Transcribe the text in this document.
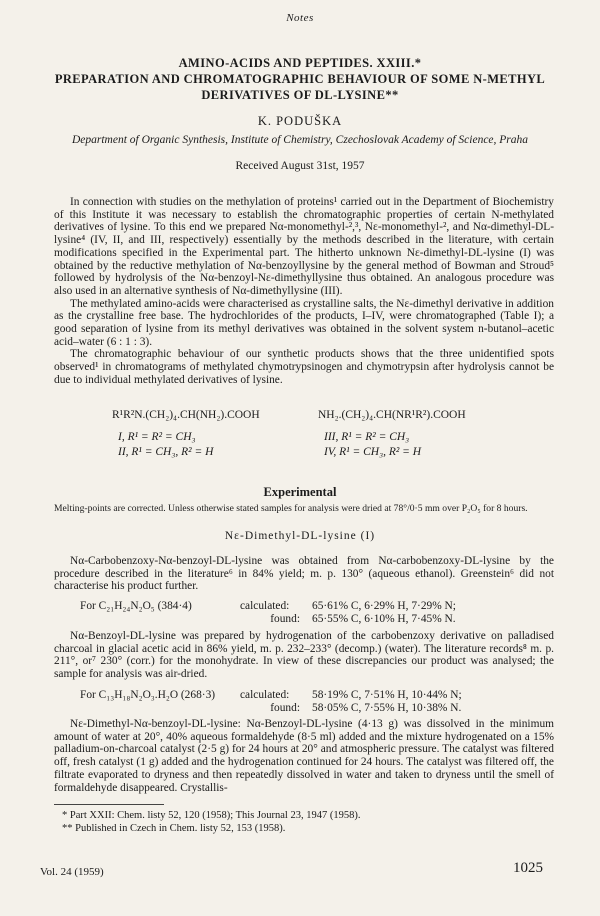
Notes
AMINO-ACIDS AND PEPTIDES. XXIII.*
PREPARATION AND CHROMATOGRAPHIC BEHAVIOUR OF SOME N-METHYL
DERIVATIVES OF DL-LYSINE**
K. PODUŠKA
Department of Organic Synthesis, Institute of Chemistry, Czechoslovak Academy of Science, Praha
Received August 31st, 1957

In connection with studies on the methylation of proteins¹ carried out in the Department of Biochemistry of this Institute it was necessary to establish the chromatographic properties of certain N-methylated derivatives of lysine. To this end we prepared Nα-monomethyl-²,³, Nε-monomethyl-², and Nα-dimethyl-DL-lysine⁴ (IV, II, and III, respectively) essentially by the methods described in the literature, with certain modifications specified in the Experimental part. The hitherto unknown Nε-dimethyl-DL-lysine (I) was obtained by the reductive methylation of Nα-benzoyllysine by the general method of Bowman and Stroud⁵ followed by hydrolysis of the Nα-benzoyl-Nε-dimethyllysine thus obtained. An analogous procedure was also used in an alternative synthesis of Nα-dimethyllysine (III).

The methylated amino-acids were characterised as crystalline salts, the Nε-dimethyl derivative in addition as the crystalline free base. The hydrochlorides of the products, I–IV, were chromatographed (Table I); a good separation of lysine from its methyl derivatives was obtained in the solvent system n-butanol–acetic acid–water (6 : 1 : 3).

The chromatographic behaviour of our synthetic products shows that the three unidentified spots observed¹ in chromatograms of methylated chymotrypsinogen and chymotrypsin after hydrolysis cannot be due to individual methylated derivatives of lysine.

R¹R²N.(CH₂)₄.CH(NH₂).COOH
I, R¹ = R² = CH₃
II, R¹ = CH₃, R² = H
NH₂.(CH₂)₄.CH(NR¹R²).COOH
III, R¹ = R² = CH₃
IV, R¹ = CH₃, R² = H
Experimental
Melting-points are corrected. Unless otherwise stated samples for analysis were dried at 78°/0·5 mm over P₂O₅ for 8 hours.
Nε-Dimethyl-DL-lysine (I)

Nα-Carbobenzoxy-Nα-benzoyl-DL-lysine was obtained from Nα-carbobenzoxy-DL-lysine by the procedure described in the literature⁶ in 84% yield; m. p. 130° (aqueous ethanol). Greenstein⁶ did not characterise his product further.

For C₂₁H₂₄N₂O₅ (384·4)	calculated:	65·61% C, 6·29% H, 7·29% N;
found:	65·55% C, 6·10% H, 7·45% N.

Nα-Benzoyl-DL-lysine was prepared by hydrogenation of the carbobenzoxy derivative on palladised charcoal in glacial acetic acid in 86% yield, m. p. 232–233° (decomp.) (water). The literature records⁸ m. p. 211°, or⁷ 230° (corr.) for the monohydrate. In view of these discrepancies our product was analysed; the sample for analysis was air-dried.

For C₁₃H₁₈N₂O₃.H₂O (268·3)	calculated:	58·19% C, 7·51% H, 10·44% N;
found:	58·05% C, 7·55% H, 10·38% N.

Nε-Dimethyl-Nα-benzoyl-DL-lysine: Nα-Benzoyl-DL-lysine (4·13 g) was dissolved in the minimum amount of water at 20°, 40% aqueous formaldehyde (8·5 ml) added and the mixture hydrogenated on a 15% palladium-on-charcoal catalyst (2·5 g) for 24 hours at 20° and atmospheric pressure. The catalyst was filtered off, fresh catalyst (1 g) added and the hydrogenation continued for 24 hours. The catalyst was filtered off, the filtrate evaporated to dryness and then repeatedly dissolved in water and taken to dryness until the smell of formaldehyde disappeared. Crystallis-

* Part XXII: Chem. listy 52, 120 (1958); This Journal 23, 1947 (1958).
** Published in Czech in Chem. listy 52, 153 (1958).
Vol. 24 (1959)	1025
